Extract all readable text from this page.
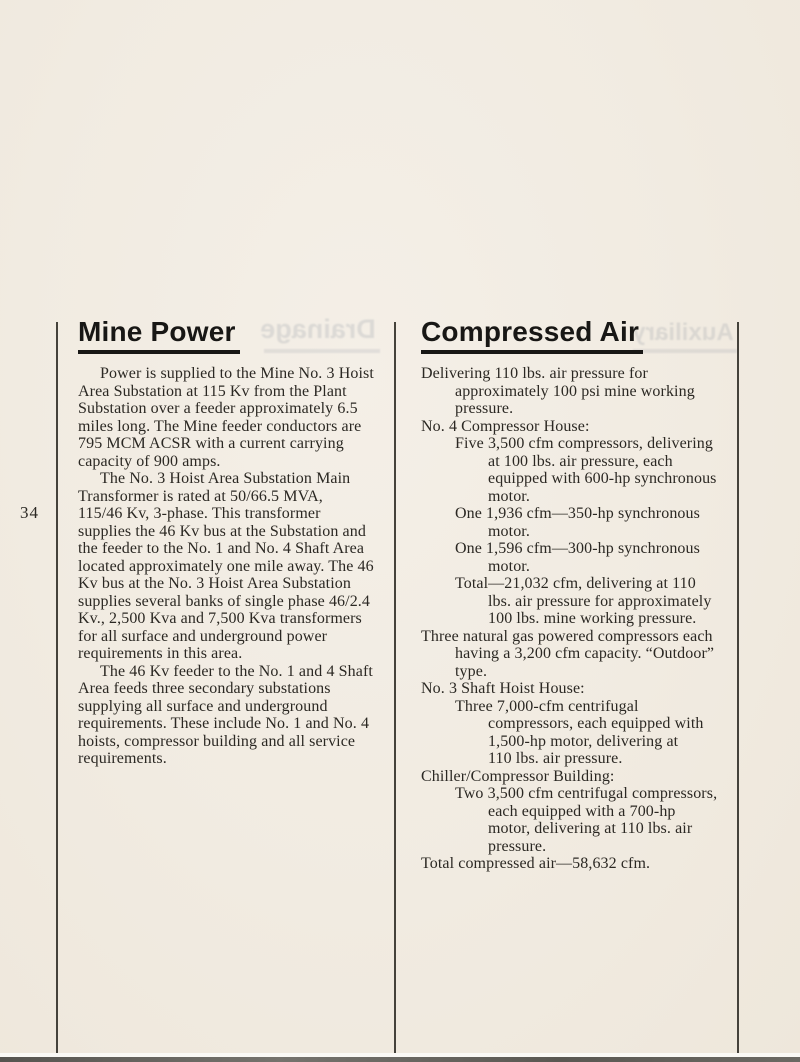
Drainage	Auxiliary
34
Mine Power
Power is supplied to the Mine No. 3 Hoist
Area Substation at 115 Kv from the Plant
Substation over a feeder approximately 6.5
miles long. The Mine feeder conductors are
795 MCM ACSR with a current carrying
capacity of 900 amps.
The No. 3 Hoist Area Substation Main
Transformer is rated at 50/66.5 MVA,
115/46 Kv, 3-phase. This transformer
supplies the 46 Kv bus at the Substation and
the feeder to the No. 1 and No. 4 Shaft Area
located approximately one mile away. The 46
Kv bus at the No. 3 Hoist Area Substation
supplies several banks of single phase 46/2.4
Kv., 2,500 Kva and 7,500 Kva transformers
for all surface and underground power
requirements in this area.
The 46 Kv feeder to the No. 1 and 4 Shaft
Area feeds three secondary substations
supplying all surface and underground
requirements. These include No. 1 and No. 4
hoists, compressor building and all service
requirements.
Compressed Air
Delivering 110 lbs. air pressure for
approximately 100 psi mine working
pressure.
No. 4 Compressor House:
Five 3,500 cfm compressors, delivering
at 100 lbs. air pressure, each
equipped with 600-hp synchronous
motor.
One 1,936 cfm—350-hp synchronous
motor.
One 1,596 cfm—300-hp synchronous
motor.
Total—21,032 cfm, delivering at 110
lbs. air pressure for approximately
100 lbs. mine working pressure.
Three natural gas powered compressors each
having a 3,200 cfm capacity. “Outdoor”
type.
No. 3 Shaft Hoist House:
Three 7,000-cfm centrifugal
compressors, each equipped with
1,500-hp motor, delivering at
110 lbs. air pressure.
Chiller/Compressor Building:
Two 3,500 cfm centrifugal compressors,
each equipped with a 700-hp
motor, delivering at 110 lbs. air
pressure.
Total compressed air—58,632 cfm.
